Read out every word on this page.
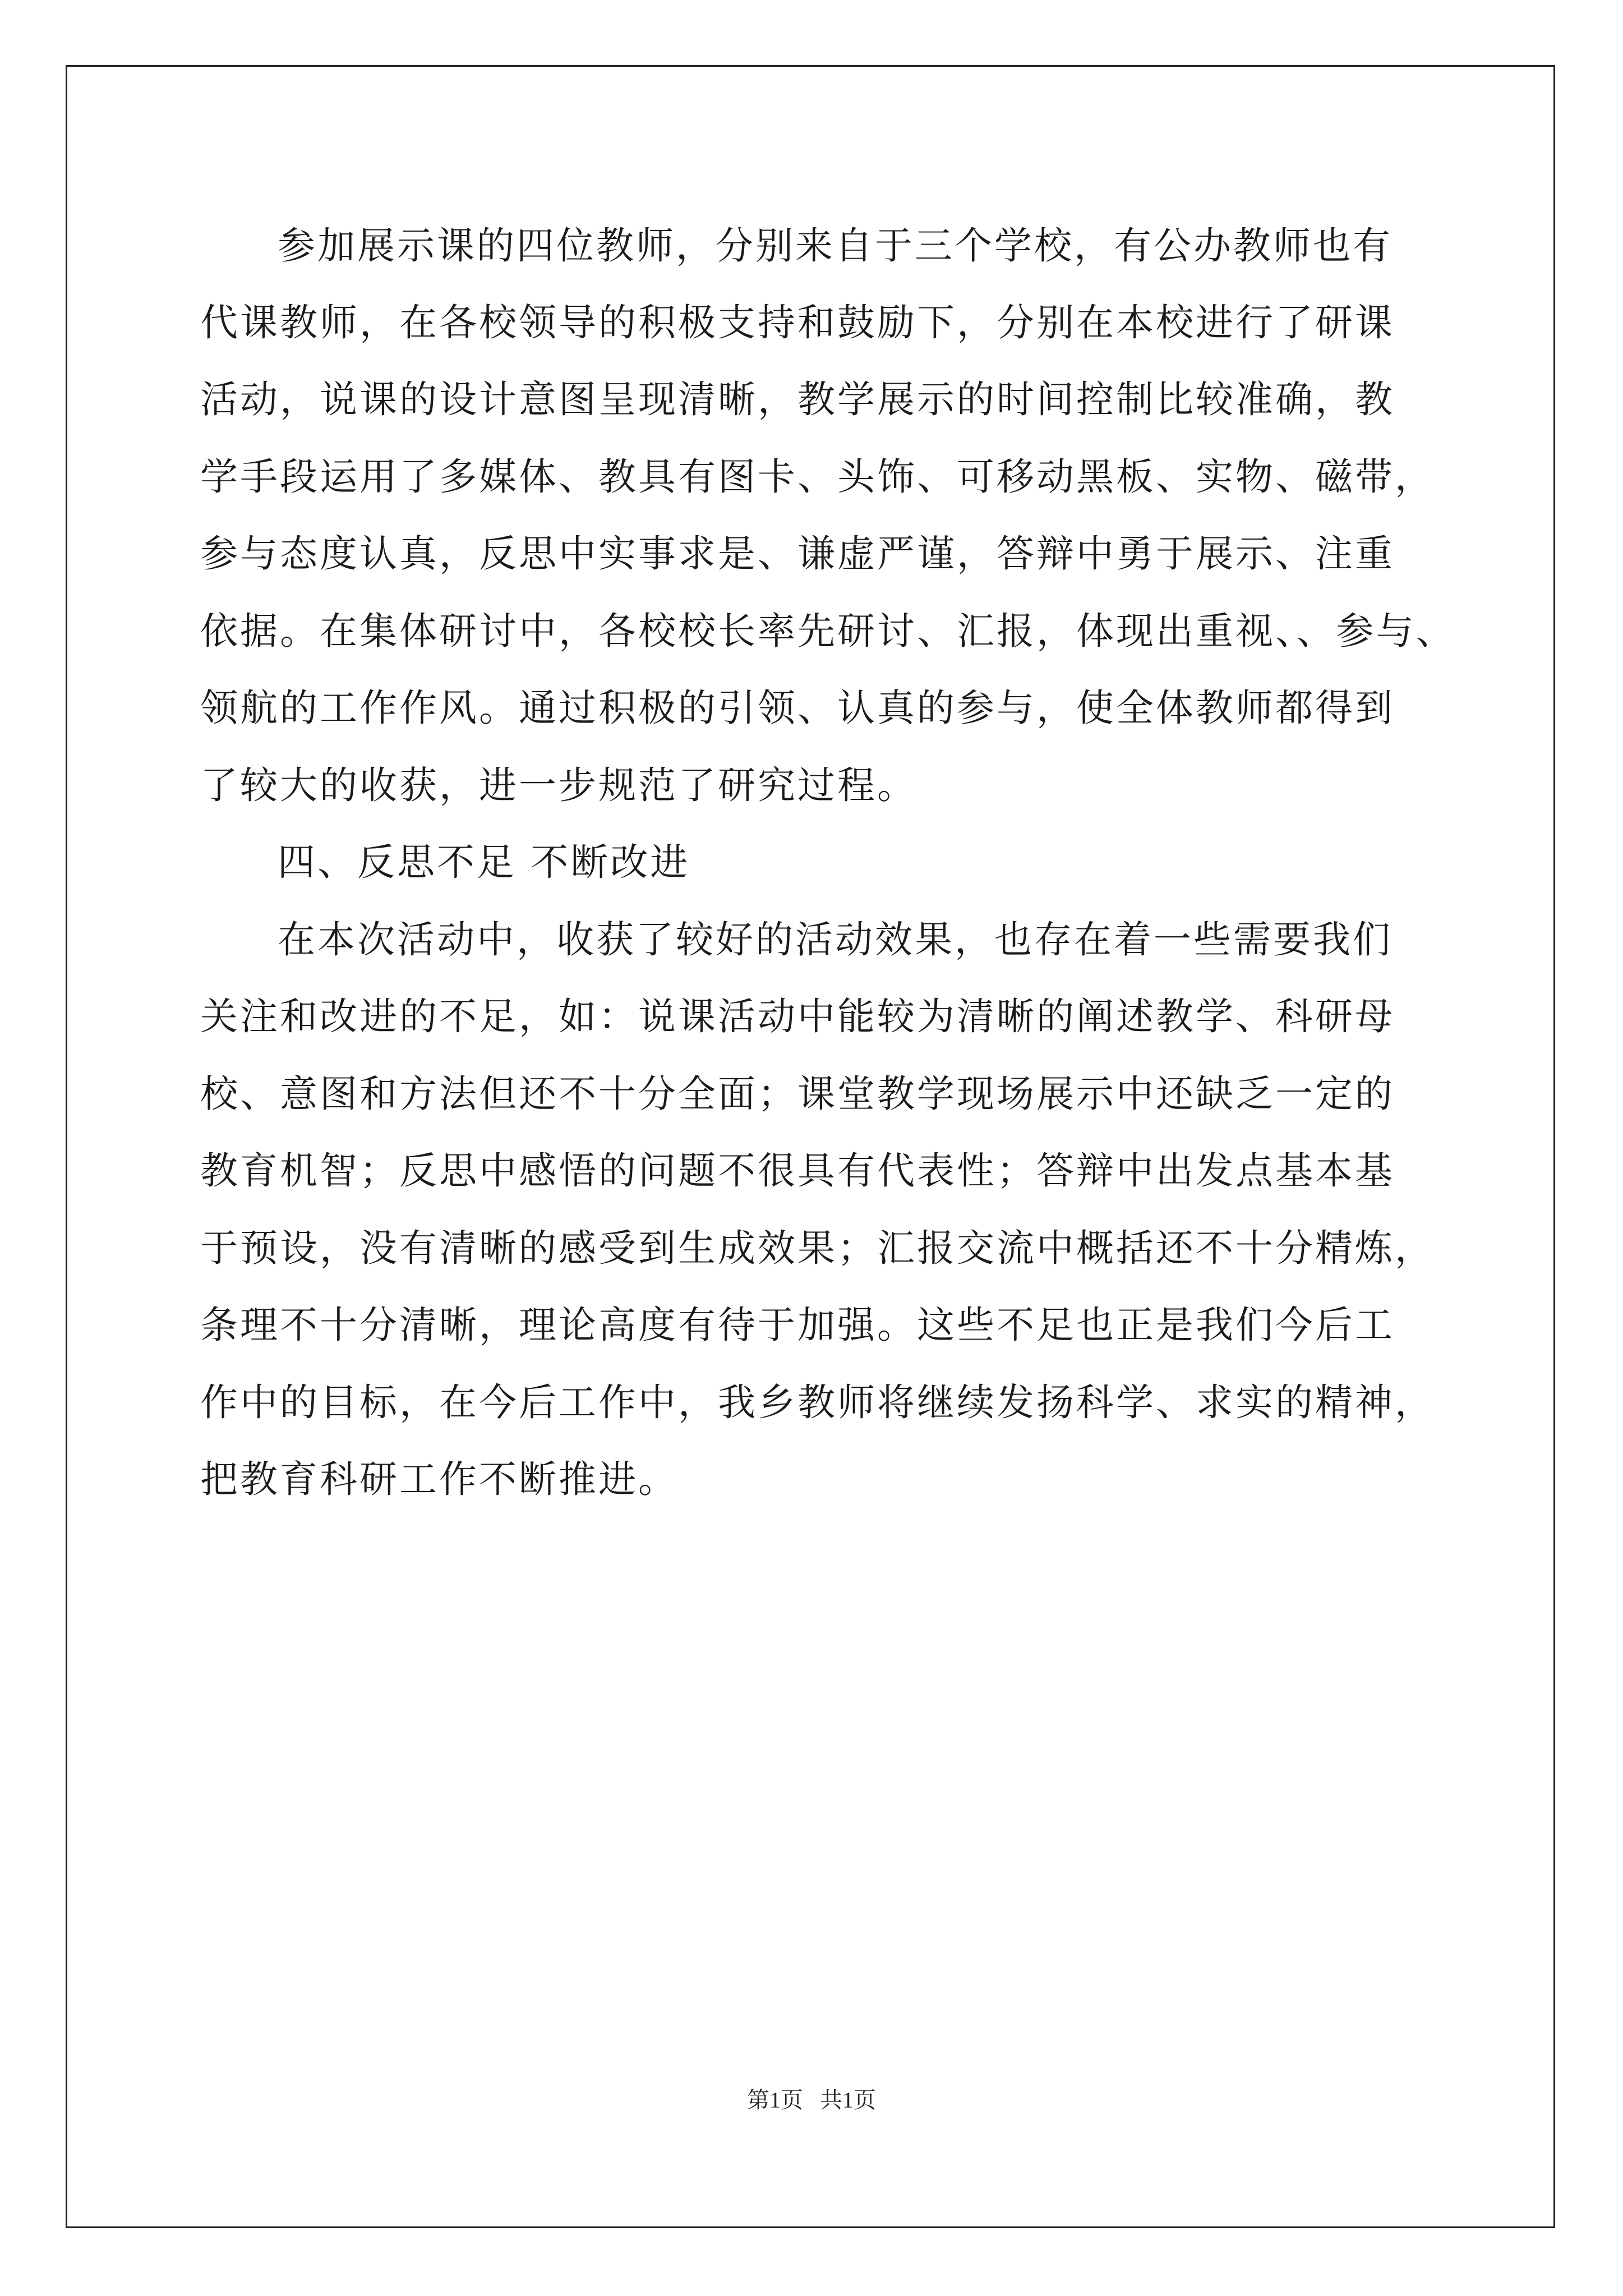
参加展示课的四位教师，分别来自于三个学校，有公办教师也有

代课教师，在各校领导的积极支持和鼓励下，分别在本校进行了研课

活动，说课的设计意图呈现清晰，教学展示的时间控制比较准确，教

学手段运用了多媒体、教具有图卡、头饰、可移动黑板、实物、磁带，

参与态度认真，反思中实事求是、谦虚严谨，答辩中勇于展示、注重

依据。在集体研讨中，各校校长率先研讨、汇报，体现出重视、、参与、

领航的工作作风。通过积极的引领、认真的参与，使全体教师都得到

了较大的收获，进一步规范了研究过程。

四、反思不足 不断改进

在本次活动中，收获了较好的活动效果，也存在着一些需要我们

关注和改进的不足，如：说课活动中能较为清晰的阐述教学、科研母

校、意图和方法但还不十分全面；课堂教学现场展示中还缺乏一定的

教育机智；反思中感悟的问题不很具有代表性；答辩中出发点基本基

于预设，没有清晰的感受到生成效果；汇报交流中概括还不十分精炼，

条理不十分清晰，理论高度有待于加强。这些不足也正是我们今后工

作中的目标，在今后工作中，我乡教师将继续发扬科学、求实的精神，

把教育科研工作不断推进。

第1页   共1页
